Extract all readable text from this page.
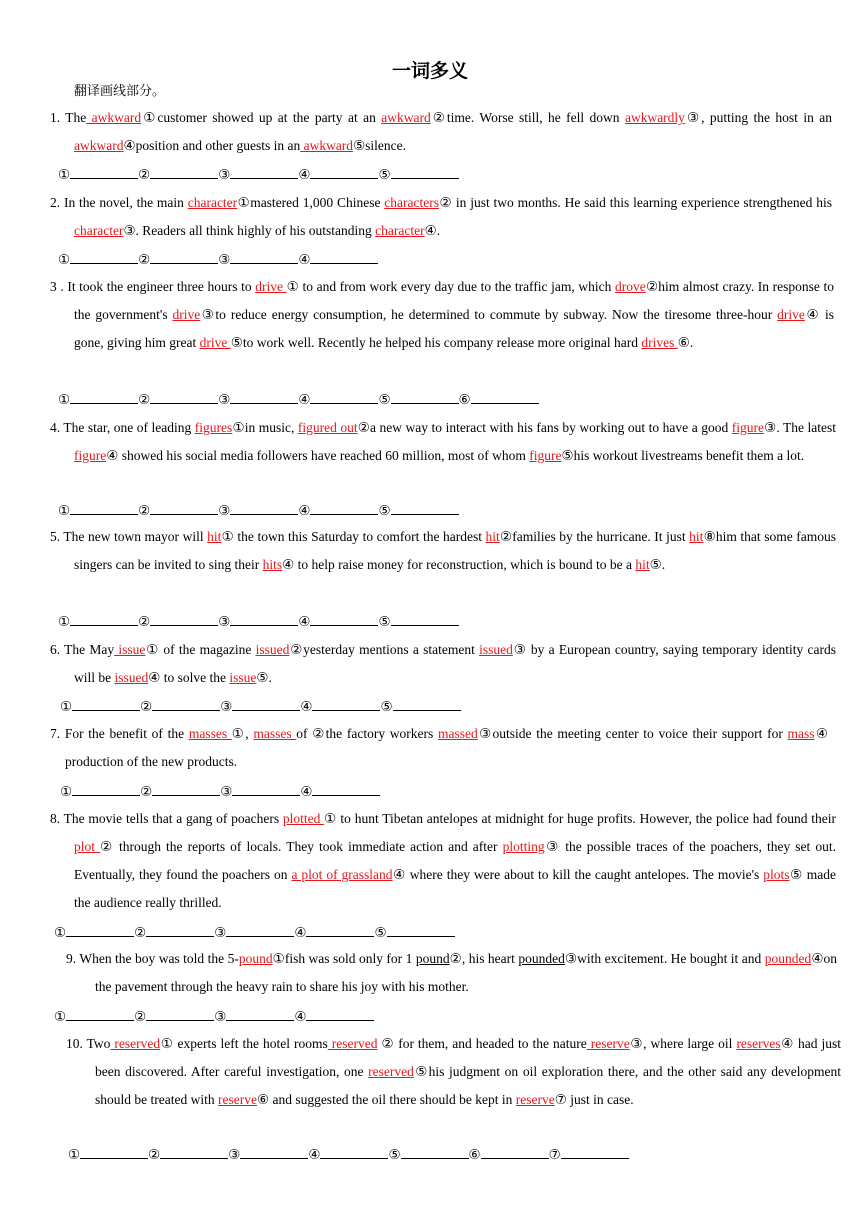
一词多义
翻译画线部分。
1. The awkward①customer showed up at the party at an awkward②time. Worse still, he fell down awkwardly③, putting the host in an awkward④position and other guests in an awkward⑤silence.
①	②	③	④	⑤
2. In the novel, the main character①mastered 1,000 Chinese characters② in just two months. He said this learning experience strengthened his character③. Readers all think highly of his outstanding character④.
①	②	③	④
3 . It took the engineer three hours to drive ① to and from work every day due to the traffic jam, which drove②him almost crazy. In response to the government's drive③to reduce energy consumption, he determined to commute by subway. Now the tiresome three-hour drive④ is gone, giving him great drive ⑤to work well. Recently he helped his company release more original hard drives ⑥.
①	②	③	④	⑤	⑥
4. The star, one of leading figures①in music, figured out②a new way to interact with his fans by working out to have a good figure③. The latest figure④ showed his social media followers have reached 60 million, most of whom figure⑤his workout livestreams benefit them a lot.
①	②	③	④	⑤
5. The new town mayor will hit① the town this Saturday to comfort the hardest hit②families by the hurricane. It just hit⑧him that some famous singers can be invited to sing their hits④ to help raise money for reconstruction, which is bound to be a hit⑤.
①	②	③	④	⑤
6. The May issue① of the magazine issued②yesterday mentions a statement issued③ by a European country, saying temporary identity cards will be issued④ to solve the issue⑤.
①	②	③	④	⑤
7. For the benefit of the masses ①, masses of ②the factory workers massed③outside the meeting center to voice their support for mass④ production of the new products.
①	②	③	④
8. The movie tells that a gang of poachers plotted ① to hunt Tibetan antelopes at midnight for huge profits. However, the police had found their plot ② through the reports of locals. They took immediate action and after plotting③ the possible traces of the poachers, they set out. Eventually, they found the poachers on a plot of grassland④ where they were about to kill the caught antelopes. The movie's plots⑤ made the audience really thrilled.
①	②	③	④	⑤
9. When the boy was told the 5-pound①fish was sold only for 1 pound②, his heart pounded③with excitement. He bought it and pounded④on the pavement through the heavy rain to share his joy with his mother.
①	②	③	④
10. Two reserved① experts left the hotel rooms reserved ② for them, and headed to the nature reserve③, where large oil reserves④ had just been discovered. After careful investigation, one reserved⑤his judgment on oil exploration there, and the other said any development should be treated with reserve⑥ and suggested the oil there should be kept in reserve⑦ just in case.
①	②	③	④	⑤	⑥	⑦
